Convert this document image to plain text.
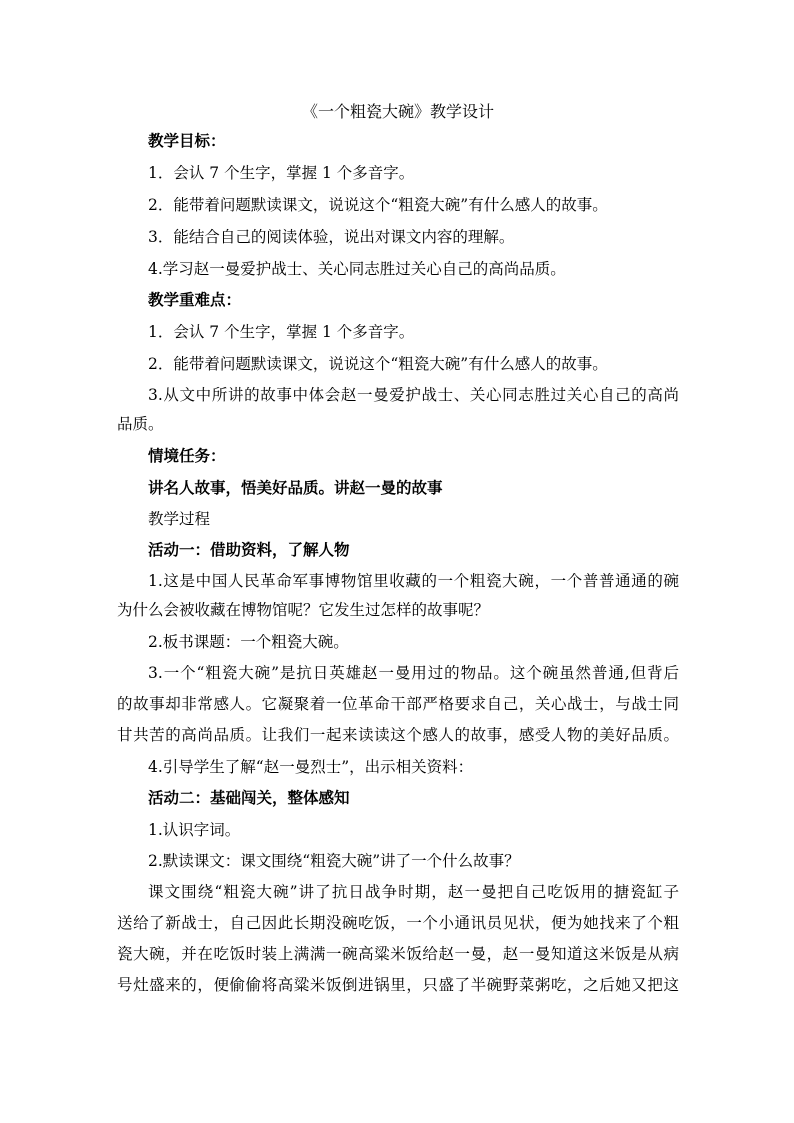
《一个粗瓷大碗》教学设计
教学目标：
1．会认 7 个生字，掌握 1 个多音字。
2．能带着问题默读课文，说说这个“粗瓷大碗”有什么感人的故事。
3．能结合自己的阅读体验，说出对课文内容的理解。
4.学习赵一曼爱护战士、关心同志胜过关心自己的高尚品质。
教学重难点：
1．会认 7 个生字，掌握 1 个多音字。
2．能带着问题默读课文，说说这个“粗瓷大碗”有什么感人的故事。
3.从文中所讲的故事中体会赵一曼爱护战士、关心同志胜过关心自己的高尚
品质。
情境任务：
讲名人故事，悟美好品质。讲赵一曼的故事
教学过程
活动一：借助资料，了解人物
1.这是中国人民革命军事博物馆里收藏的一个粗瓷大碗，一个普普通通的碗
为什么会被收藏在博物馆呢？它发生过怎样的故事呢？
2.板书课题：一个粗瓷大碗。
3.一个“粗瓷大碗”是抗日英雄赵一曼用过的物品。这个碗虽然普通,但背后
的故事却非常感人。它凝聚着一位革命干部严格要求自己，关心战士，与战士同
甘共苦的高尚品质。让我们一起来读读这个感人的故事，感受人物的美好品质。
4.引导学生了解“赵一曼烈士”，出示相关资料：
活动二：基础闯关，整体感知
1.认识字词。
2.默读课文：课文围绕“粗瓷大碗”讲了一个什么故事？
课文围绕“粗瓷大碗”讲了抗日战争时期，赵一曼把自己吃饭用的搪瓷缸子
送给了新战士，自己因此长期没碗吃饭，一个小通讯员见状，便为她找来了个粗
瓷大碗，并在吃饭时装上满满一碗高粱米饭给赵一曼，赵一曼知道这米饭是从病
号灶盛来的，便偷偷将高粱米饭倒进锅里，只盛了半碗野菜粥吃，之后她又把这
